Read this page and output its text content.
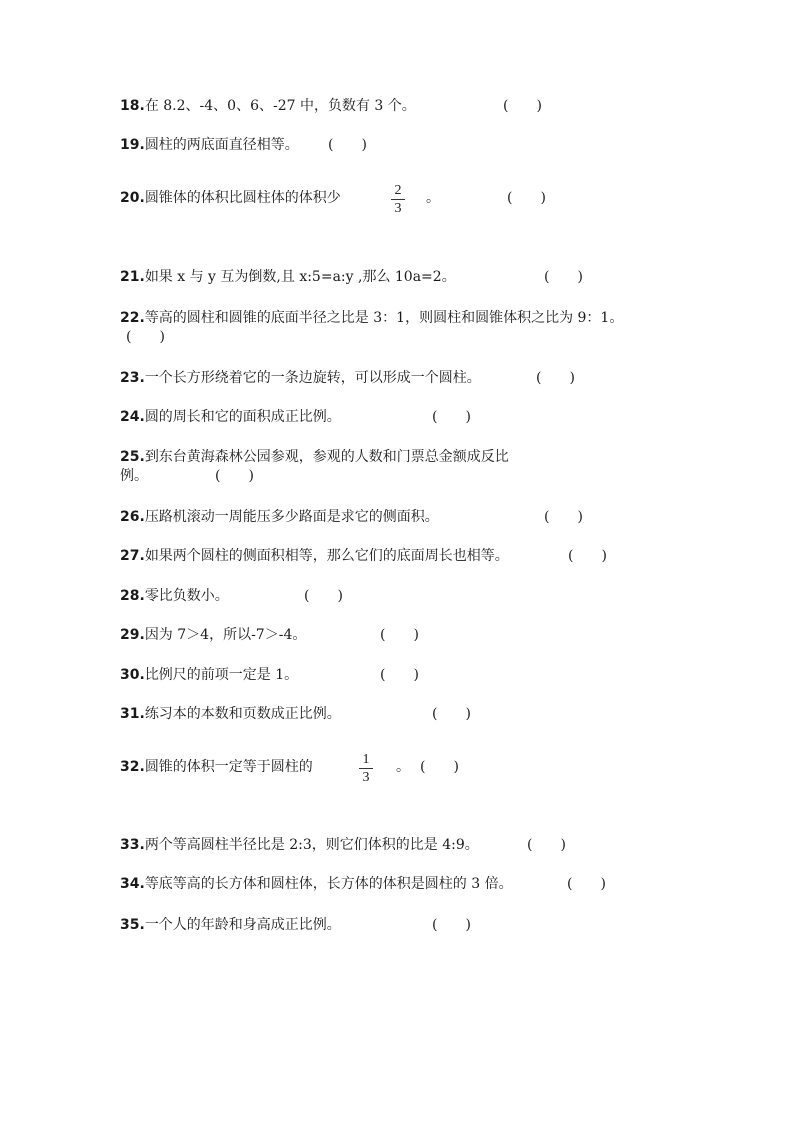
18.在 8.2、-4、0、6、-27 中，负数有 3 个。	(　　)
19.圆柱的两底面直径相等。 (　　)
20.圆锥体的体积比圆柱体的体积少	2
3
。	(　　)
21.如果 x 与 y 互为倒数,且 x:5=a:y ,那么 10a=2。	(　　)
22.等高的圆柱和圆锥的底面半径之比是 3：1，则圆柱和圆锥体积之比为 9：1。
(　　)
23.一个长方形绕着它的一条边旋转，可以形成一个圆柱。	(　　)
24.圆的周长和它的面积成正比例。	(　　)
25.到东台黄海森林公园参观，参观的人数和门票总金额成反比
例。	(　　)
26.压路机滚动一周能压多少路面是求它的侧面积。	(　　)
27.如果两个圆柱的侧面积相等，那么它们的底面周长也相等。	(　　)
28.零比负数小。	(　　)
29.因为 7＞4，所以-7＞-4。	(　　)
30.比例尺的前项一定是 1。	(　　)
31.练习本的本数和页数成正比例。	(　　)
32.圆锥的体积一定等于圆柱的	1
3
。 (　　)
33.两个等高圆柱半径比是 2:3，则它们体积的比是 4:9。	(　　)
34.等底等高的长方体和圆柱体，长方体的体积是圆柱的 3 倍。	(　　)
35.一个人的年龄和身高成正比例。	(　　)
